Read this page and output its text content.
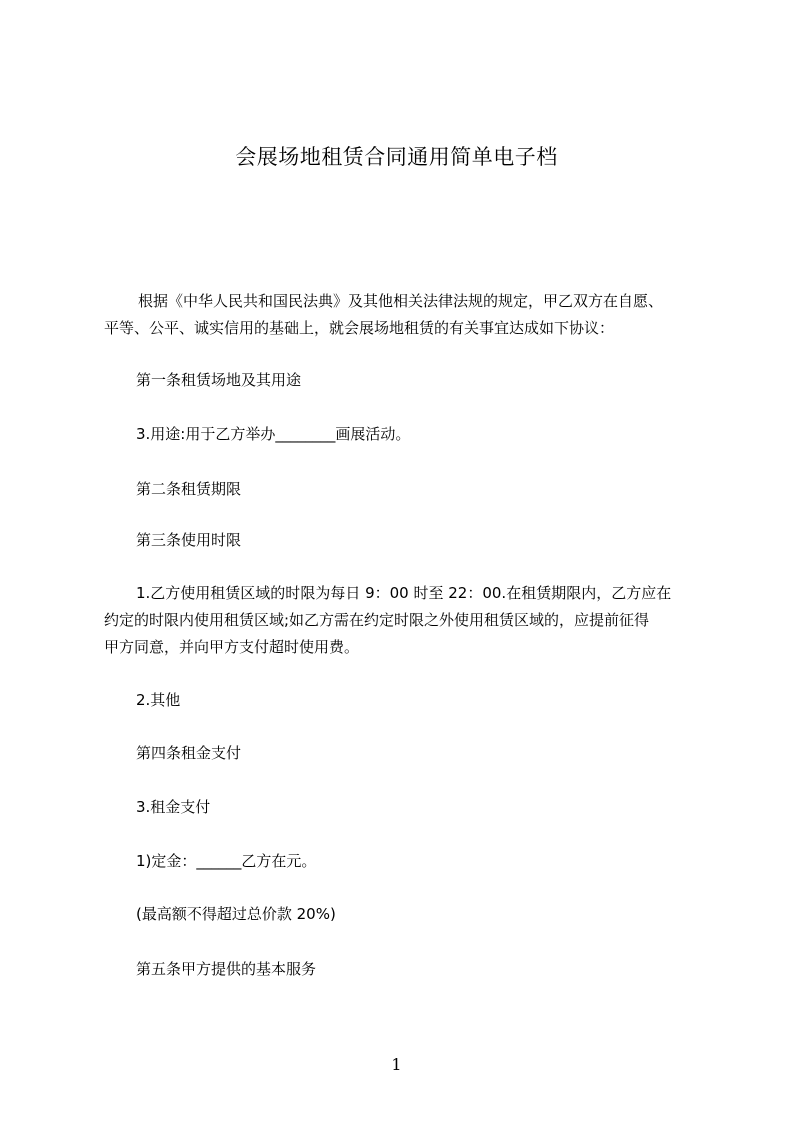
会展场地租赁合同通用简单电子档
根据《中华人民共和国民法典》及其他相关法律法规的规定，甲乙双方在自愿、
平等、公平、诚实信用的基础上，就会展场地租赁的有关事宜达成如下协议：
第一条租赁场地及其用途
3.用途:用于乙方举办________画展活动。
第二条租赁期限
第三条使用时限
1.乙方使用租赁区域的时限为每日 9：00 时至 22：00.在租赁期限内，乙方应在
约定的时限内使用租赁区域;如乙方需在约定时限之外使用租赁区域的，应提前征得
甲方同意，并向甲方支付超时使用费。
2.其他
第四条租金支付
3.租金支付
1)定金：______乙方在元。
(最高额不得超过总价款 20%)
第五条甲方提供的基本服务
1
